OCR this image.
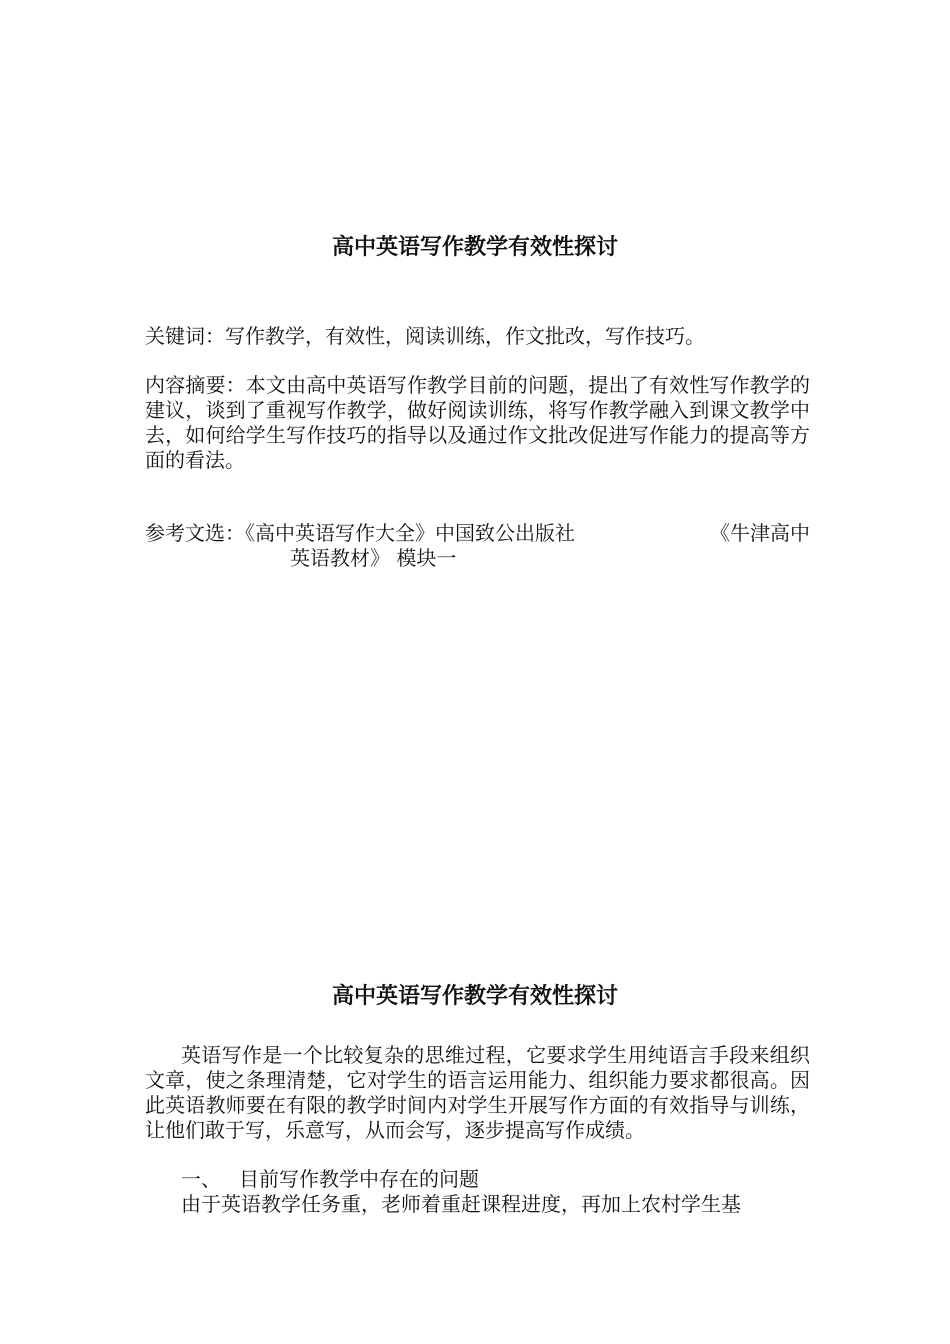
高中英语写作教学有效性探讨

关键词：写作教学，有效性，阅读训练，作文批改，写作技巧。

内容摘要：本文由高中英语写作教学目前的问题，提出了有效性写作教学的建议，谈到了重视写作教学，做好阅读训练，将写作教学融入到课文教学中去，如何给学生写作技巧的指导以及通过作文批改促进写作能力的提高等方面的看法。

参考文选：《高中英语写作大全》中国致公出版社	《牛津高中
英语教材》 模块一
高中英语写作教学有效性探讨

英语写作是一个比较复杂的思维过程，它要求学生用纯语言手段来组织文章，使之条理清楚，它对学生的语言运用能力、组织能力要求都很高。因此英语教师要在有限的教学时间内对学生开展写作方面的有效指导与训练，让他们敢于写，乐意写，从而会写，逐步提高写作成绩。

一、 目前写作教学中存在的问题

由于英语教学任务重，老师着重赶课程进度，再加上农村学生基
